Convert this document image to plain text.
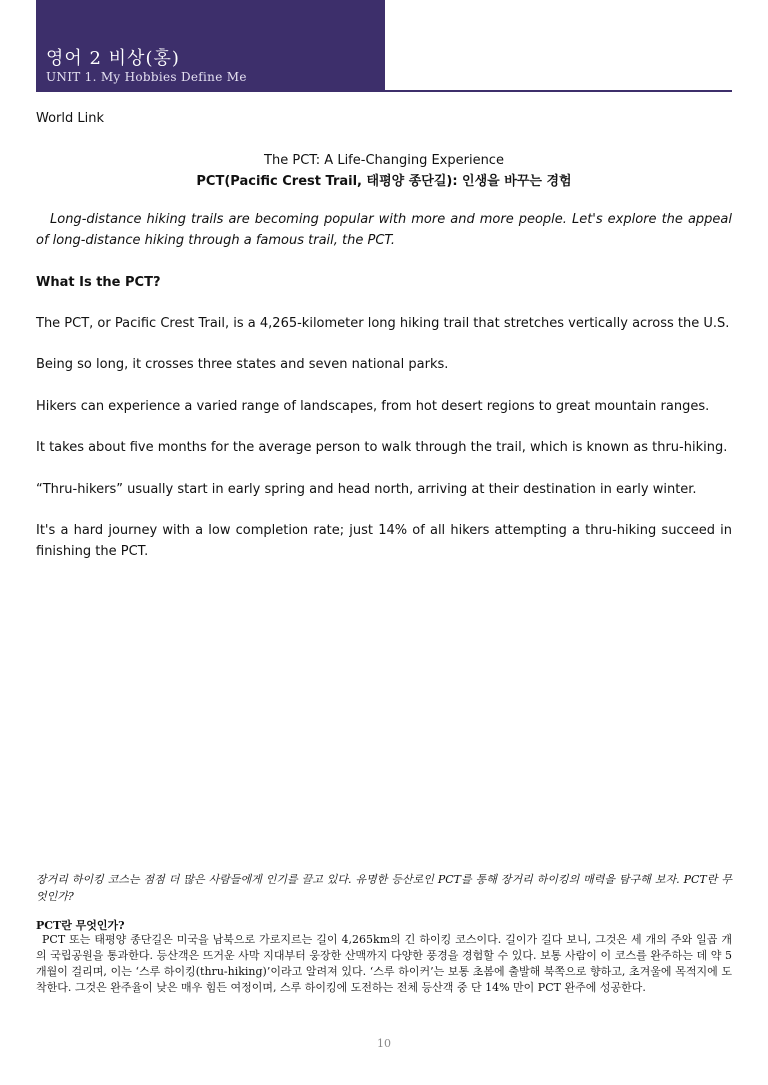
영어 2 비상(홍)
UNIT 1. My Hobbies Define Me
World Link
The PCT: A Life-Changing Experience
PCT(Pacific Crest Trail, 태평양 종단길): 인생을 바꾸는 경험
Long-distance hiking trails are becoming popular with more and more people. Let's explore the appeal of long-distance hiking through a famous trail, the PCT.
What Is the PCT?
The PCT, or Pacific Crest Trail, is a 4,265-kilometer long hiking trail that stretches vertically across the U.S.
Being so long, it crosses three states and seven national parks.
Hikers can experience a varied range of landscapes, from hot desert regions to great mountain ranges.
It takes about five months for the average person to walk through the trail, which is known as thru-hiking.
“Thru-hikers” usually start in early spring and head north, arriving at their destination in early winter.
It's a hard journey with a low completion rate; just 14% of all hikers attempting a thru-hiking succeed in finishing the PCT.
장거리 하이킹 코스는 점점 더 많은 사람들에게 인기를 끌고 있다. 유명한 등산로인 PCT를 통해 장거리 하이킹의 매력을 탐구해 보자. PCT란 무엇인가?
PCT란 무엇인가?
PCT 또는 태평양 종단길은 미국을 남북으로 가로지르는 길이 4,265km의 긴 하이킹 코스이다. 길이가 길다 보니, 그것은 세 개의 주와 일곱 개의 국립공원을 통과한다. 등산객은 뜨거운 사막 지대부터 웅장한 산맥까지 다양한 풍경을 경험할 수 있다. 보통 사람이 이 코스를 완주하는 데 약 5개월이 걸리며, 이는 ‘스루 하이킹(thru-hiking)’이라고 알려져 있다. ‘스루 하이커’는 보통 초봄에 출발해 북쪽으로 향하고, 초겨울에 목적지에 도착한다. 그것은 완주율이 낮은 매우 힘든 여정이며, 스루 하이킹에 도전하는 전체 등산객 중 단 14% 만이 PCT 완주에 성공한다.
10
